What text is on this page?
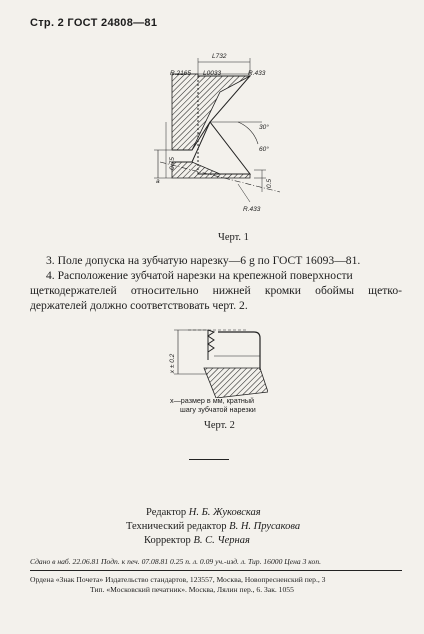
Стр. 2 ГОСТ 24808—81
L732
R.2165 L0033	R.433
30°
60°
0.75
a	0.5
R.433
Черт. 1

3. Поле допуска на зубчатую нарезку—6 g по ГОСТ 16093—81.

4. Расположение зубчатой нарезки на крепежной поверхности

щеткодержателей относительно нижней кромки обоймы щетко-

держателей должно соответствовать черт. 2.

x ± 0.2
x—размер в мм, кратный
шагу зубчатой нарезки
Черт. 2
Редактор Н. Б. Жуковская
Технический редактор В. Н. Прусакова
Корректор В. С. Черная
Сдано в наб. 22.06.81 Подп. к печ. 07.08.81 0.25 п. л. 0.09 уч.-изд. л. Тир. 16000 Цена 3 коп.
Ордена «Знак Почета» Издательство стандартов, 123557, Москва, Новопресненский пер., 3
Тип. «Московский печатник». Москва, Лялин пер., 6. Зак. 1055
